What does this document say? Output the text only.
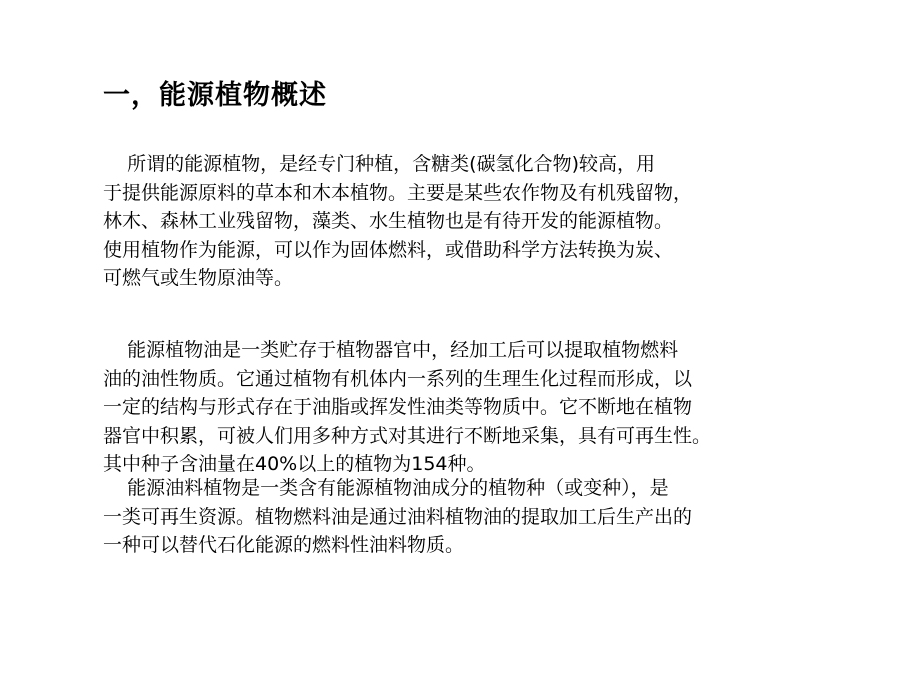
一，能源植物概述
所谓的能源植物，是经专门种植，含糖类(碳氢化合物)较高，用
于提供能源原料的草本和木本植物。主要是某些农作物及有机残留物，
林木、森林工业残留物，藻类、水生植物也是有待开发的能源植物。
使用植物作为能源，可以作为固体燃料，或借助科学方法转换为炭、
可燃气或生物原油等。
能源植物油是一类贮存于植物器官中，经加工后可以提取植物燃料
油的油性物质。它通过植物有机体内一系列的生理生化过程而形成，以
一定的结构与形式存在于油脂或挥发性油类等物质中。它不断地在植物
器官中积累，可被人们用多种方式对其进行不断地采集，具有可再生性。
其中种子含油量在40%以上的植物为154种。
能源油料植物是一类含有能源植物油成分的植物种（或变种），是
一类可再生资源。植物燃料油是通过油料植物油的提取加工后生产出的
一种可以替代石化能源的燃料性油料物质。
